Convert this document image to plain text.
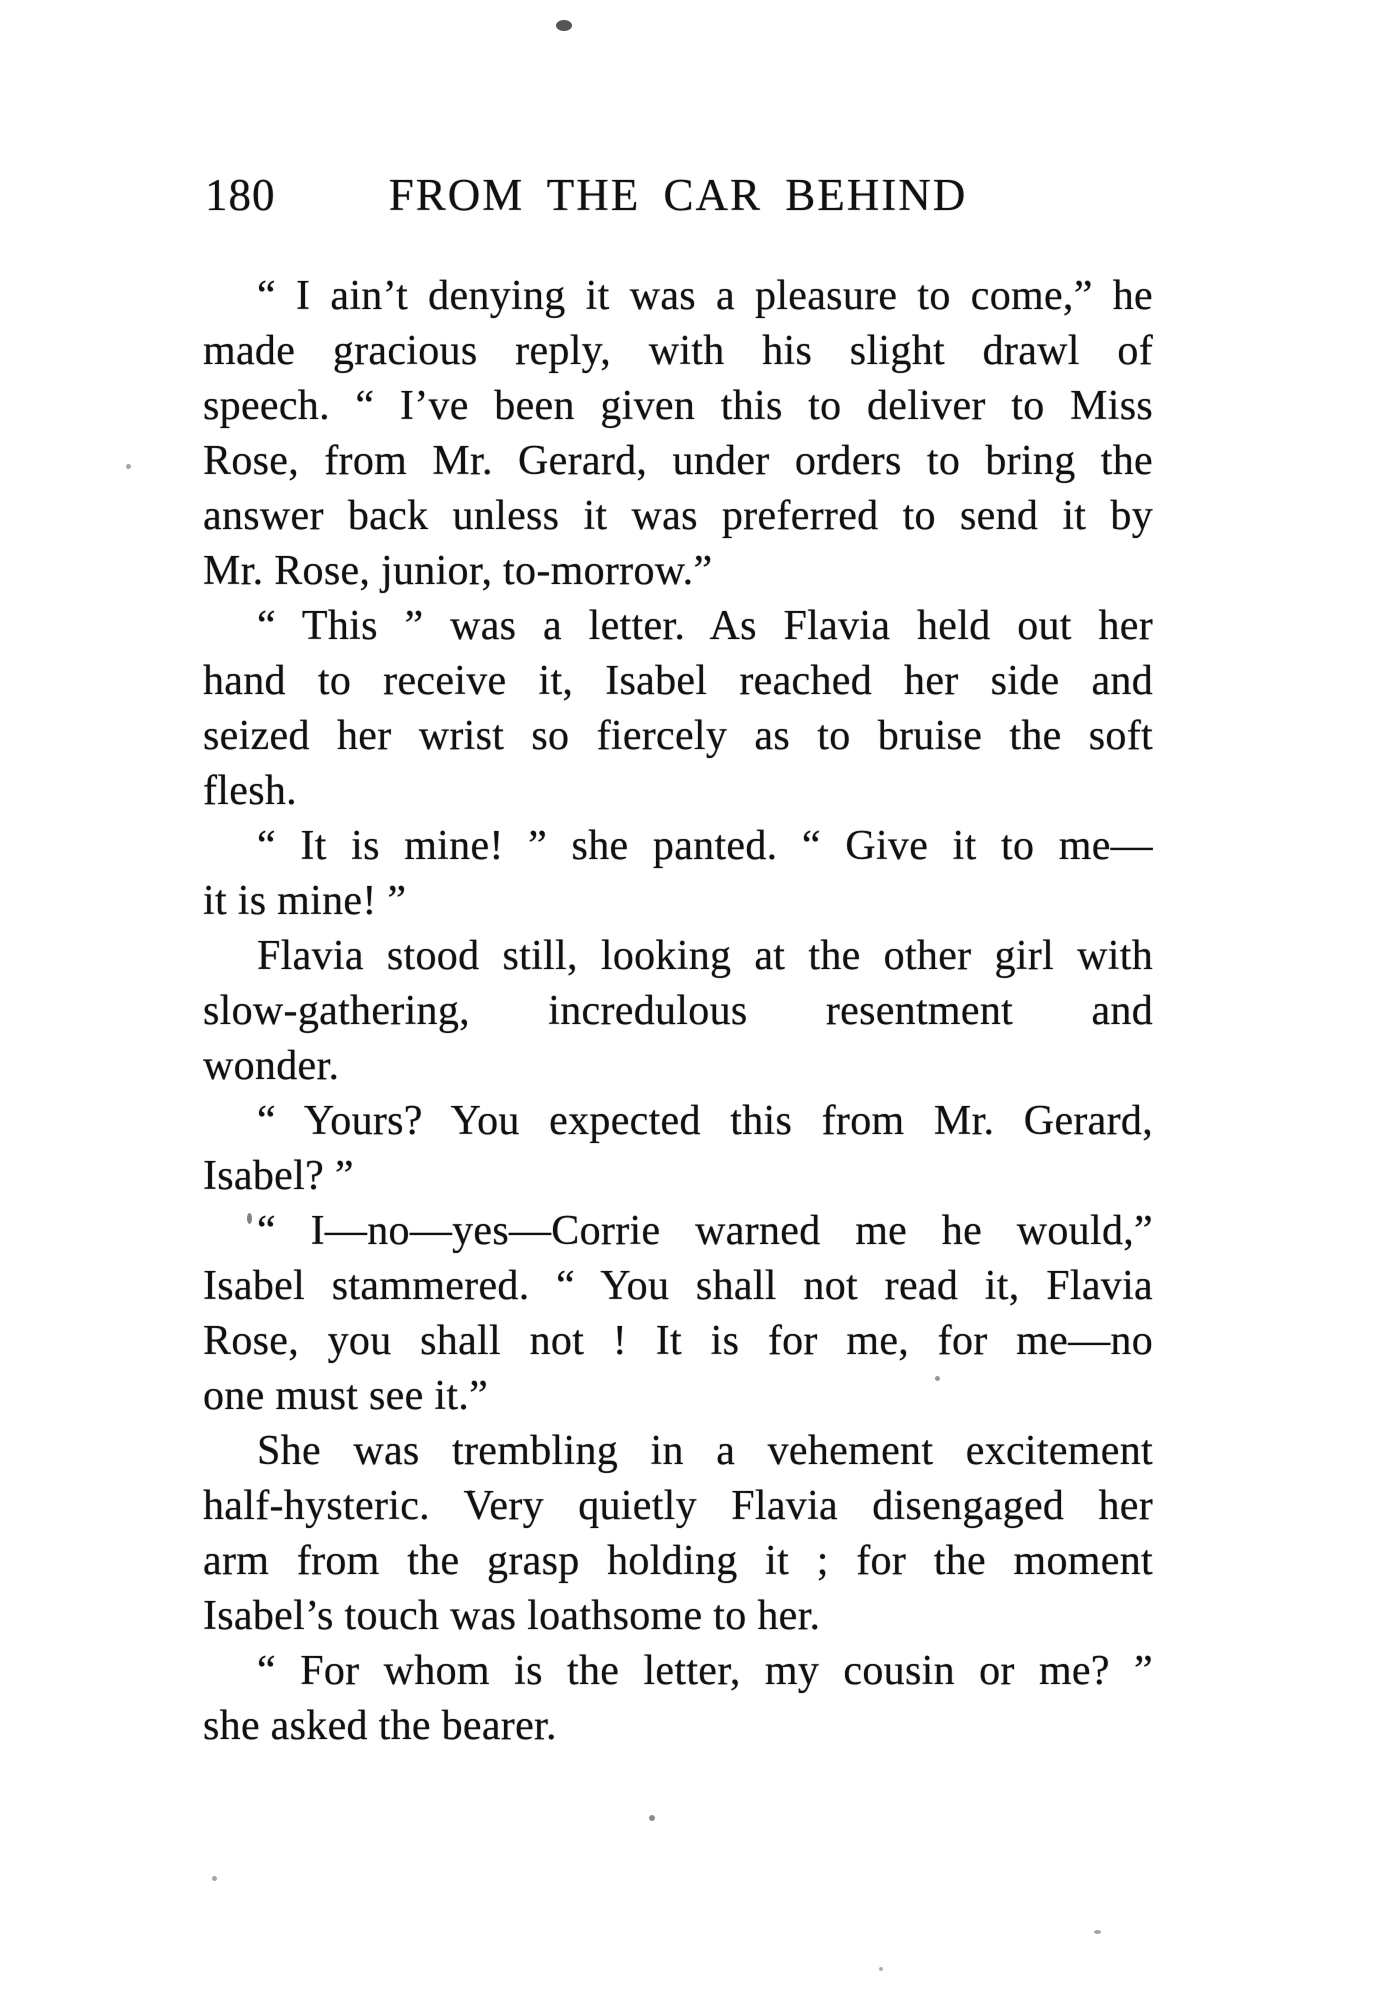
180	FROM THE CAR BEHIND
“ I ain’t denying it was a pleasure to come,” he
made gracious reply, with his slight drawl of
speech. “ I’ve been given this to deliver to Miss
Rose, from Mr. Gerard, under orders to bring the
answer back unless it was preferred to send it by
Mr. Rose, junior, to-morrow.”
“ This ” was a letter. As Flavia held out her
hand to receive it, Isabel reached her side and
seized her wrist so fiercely as to bruise the soft
flesh.
“ It is mine! ” she panted. “ Give it to me—
it is mine! ”
Flavia stood still, looking at the other girl with
slow-gathering, incredulous resentment and
wonder.
“ Yours? You expected this from Mr. Gerard,
Isabel? ”
“ I—no—yes—Corrie warned me he would,”
Isabel stammered. “ You shall not read it, Flavia
Rose, you shall not ! It is for me, for me—no
one must see it.”
She was trembling in a vehement excitement
half-hysteric. Very quietly Flavia disengaged her
arm from the grasp holding it ; for the moment
Isabel’s touch was loathsome to her.
“ For whom is the letter, my cousin or me? ”
she asked the bearer.
